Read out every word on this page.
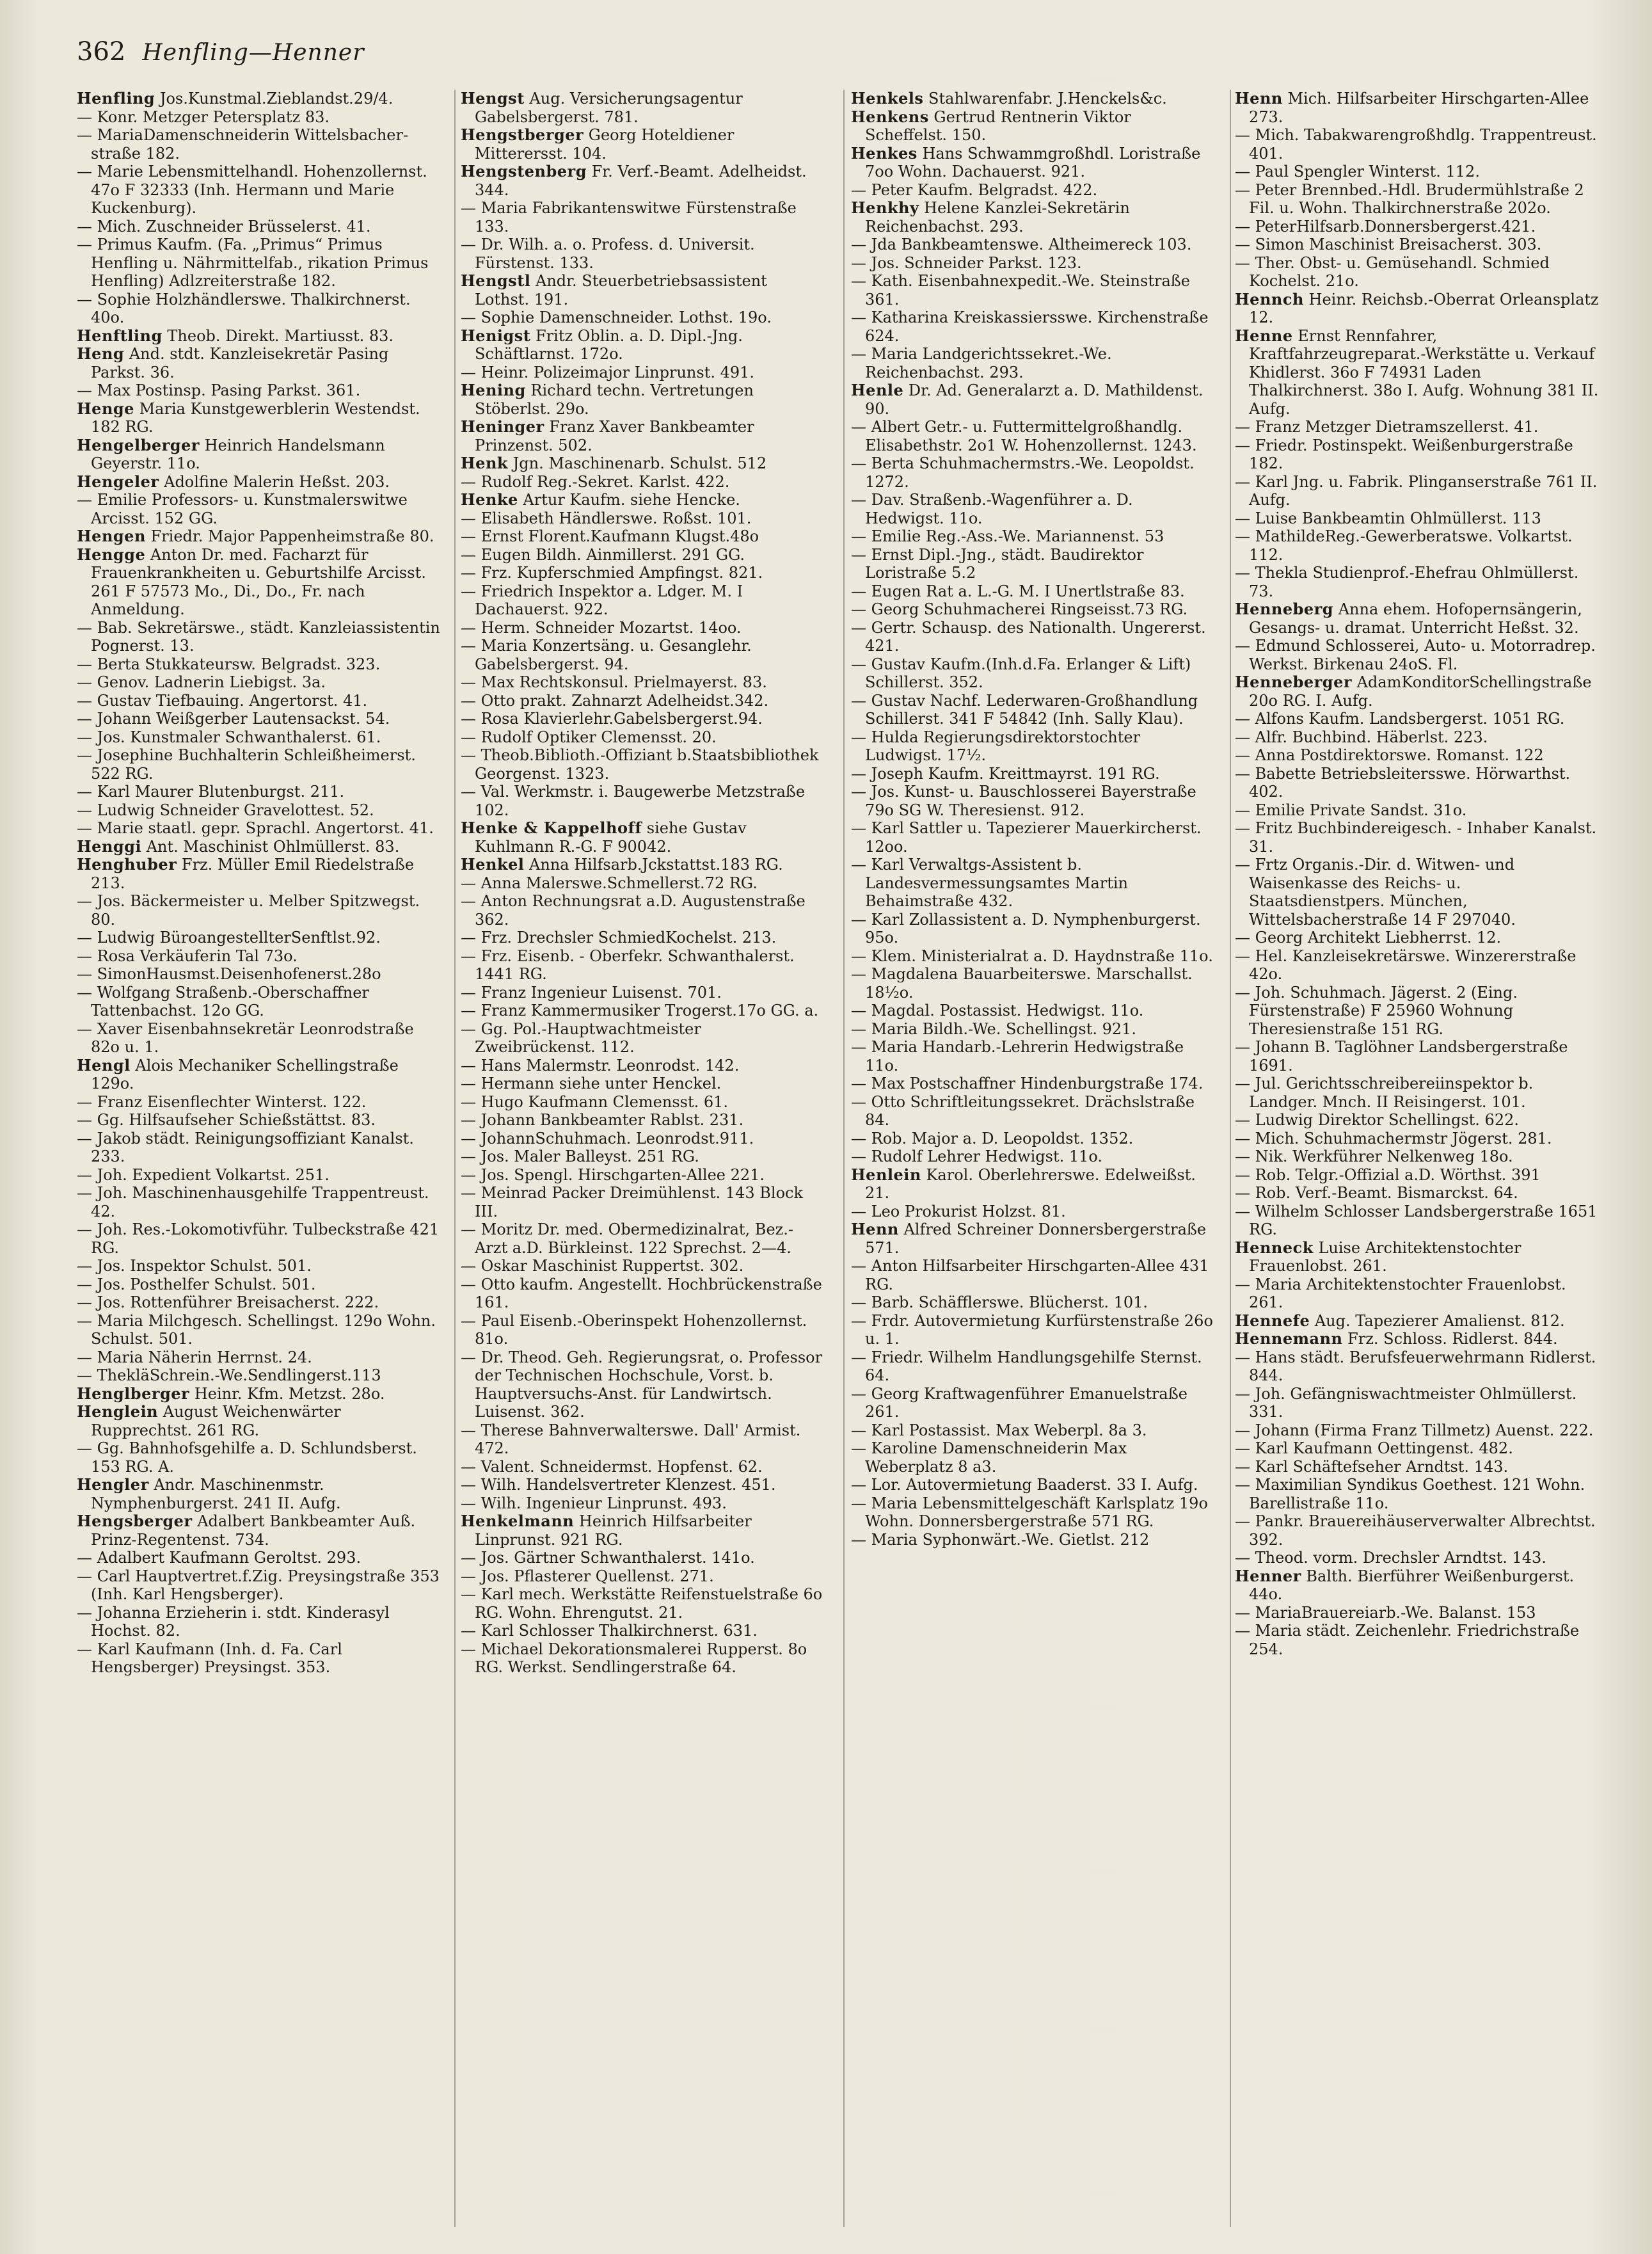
362 Henfling—Henner

Henfling Jos.Kunstmal.Zieblandst.29/4.

— Konr. Metzger Petersplatz 83.

— MariaDamenschneiderin Wittelsbacher-straße 182.

— Marie Lebensmittelhandl. Hohenzollernst. 47o F 32333 (Inh. Hermann und Marie Kuckenburg).

— Mich. Zuschneider Brüsselerst. 41.

— Primus Kaufm. (Fa. „Primus“ Primus Henfling u. Nährmittelfab., rikation Primus Henfling) Adlzreiterstraße 182.

— Sophie Holzhändlerswe. Thalkirchnerst. 40o.

Henftling Theob. Direkt. Martiusst. 83.

Heng And. stdt. Kanzleisekretär Pasing Parkst. 36.

— Max Postinsp. Pasing Parkst. 361.

Henge Maria Kunstgewerblerin Westendst. 182 RG.

Hengelberger Heinrich Handelsmann Geyerstr. 11o.

Hengeler Adolfine Malerin Heßst. 203.

— Emilie Professors- u. Kunstmalerswitwe Arcisst. 152 GG.

Hengen Friedr. Major Pappenheimstraße 80.

Hengge Anton Dr. med. Facharzt für Frauenkrankheiten u. Geburtshilfe Arcisst. 261 F 57573 Mo., Di., Do., Fr. nach Anmeldung.

— Bab. Sekretärswe., städt. Kanzleiassistentin Pognerst. 13.

— Berta Stukkateursw. Belgradst. 323.

— Genov. Ladnerin Liebigst. 3a.

— Gustav Tiefbauing. Angertorst. 41.

— Johann Weißgerber Lautensackst. 54.

— Jos. Kunstmaler Schwanthalerst. 61.

— Josephine Buchhalterin Schleißheimerst. 522 RG.

— Karl Maurer Blutenburgst. 211.

— Ludwig Schneider Gravelottest. 52.

— Marie staatl. gepr. Sprachl. Angertorst. 41.

Henggi Ant. Maschinist Ohlmüllerst. 83.

Henghuber Frz. Müller Emil Riedelstraße 213.

— Jos. Bäckermeister u. Melber Spitzwegst. 80.

— Ludwig BüroangestellterSenftlst.92.

— Rosa Verkäuferin Tal 73o.

— SimonHausmst.Deisenhofenerst.28o

— Wolfgang Straßenb.-Oberschaffner Tattenbachst. 12o GG.

— Xaver Eisenbahnsekretär Leonrodstraße 82o u. 1.

Hengl Alois Mechaniker Schellingstraße 129o.

— Franz Eisenflechter Winterst. 122.

— Gg. Hilfsaufseher Schießstättst. 83.

— Jakob städt. Reinigungsoffiziant Kanalst. 233.

— Joh. Expedient Volkartst. 251.

— Joh. Maschinenhausgehilfe Trappentreust. 42.

— Joh. Res.-Lokomotivführ. Tulbeckstraße 421 RG.

— Jos. Inspektor Schulst. 501.

— Jos. Posthelfer Schulst. 501.

— Jos. Rottenführer Breisacherst. 222.

— Maria Milchgesch. Schellingst. 129o Wohn. Schulst. 501.

— Maria Näherin Herrnst. 24.

— ThekläSchrein.-We.Sendlingerst.113

Henglberger Heinr. Kfm. Metzst. 28o.

Henglein August Weichenwärter Rupprechtst. 261 RG.

— Gg. Bahnhofsgehilfe a. D. Schlundsberst. 153 RG. A.

Hengler Andr. Maschinenmstr. Nymphenburgerst. 241 II. Aufg.

Hengsberger Adalbert Bankbeamter Auß. Prinz-Regentenst. 734.

— Adalbert Kaufmann Geroltst. 293.

— Carl Hauptvertret.f.Zig. Preysingstraße 353 (Inh. Karl Hengsberger).

— Johanna Erzieherin i. stdt. Kinderasyl Hochst. 82.

— Karl Kaufmann (Inh. d. Fa. Carl Hengsberger) Preysingst. 353.

Hengst Aug. Versicherungsagentur Gabelsbergerst. 781.

Hengstberger Georg Hoteldiener Mitterersst. 104.

Hengstenberg Fr. Verf.-Beamt. Adelheidst. 344.

— Maria Fabrikantenswitwe Fürstenstraße 133.

— Dr. Wilh. a. o. Profess. d. Universit. Fürstenst. 133.

Hengstl Andr. Steuerbetriebsassistent Lothst. 191.

— Sophie Damenschneider. Lothst. 19o.

Henigst Fritz Oblin. a. D. Dipl.-Jng. Schäftlarnst. 172o.

— Heinr. Polizeimajor Linprunst. 491.

Hening Richard techn. Vertretungen Stöberlst. 29o.

Heninger Franz Xaver Bankbeamter Prinzenst. 502.

Henk Jgn. Maschinenarb. Schulst. 512

— Rudolf Reg.-Sekret. Karlst. 422.

Henke Artur Kaufm. siehe Hencke.

— Elisabeth Händlerswe. Roßst. 101.

— Ernst Florent.Kaufmann Klugst.48o

— Eugen Bildh. Ainmillerst. 291 GG.

— Frz. Kupferschmied Ampfingst. 821.

— Friedrich Inspektor a. Ldger. M. I Dachauerst. 922.

— Herm. Schneider Mozartst. 14oo.

— Maria Konzertsäng. u. Gesanglehr. Gabelsbergerst. 94.

— Max Rechtskonsul. Prielmayerst. 83.

— Otto prakt. Zahnarzt Adelheidst.342.

— Rosa Klavierlehr.Gabelsbergerst.94.

— Rudolf Optiker Clemensst. 20.

— Theob.Biblioth.-Offiziant b.Staatsbibliothek Georgenst. 1323.

— Val. Werkmstr. i. Baugewerbe Metzstraße 102.

Henke & Kappelhoff siehe Gustav Kuhlmann R.-G. F 90042.

Henkel Anna Hilfsarb.Jckstattst.183 RG.

— Anna Malerswe.Schmellerst.72 RG.

— Anton Rechnungsrat a.D. Augustenstraße 362.

— Frz. Drechsler SchmiedKochelst. 213.

— Frz. Eisenb. - Oberfekr. Schwanthalerst. 1441 RG.

— Franz Ingenieur Luisenst. 701.

— Franz Kammermusiker Trogerst.17o GG. a.

— Gg. Pol.-Hauptwachtmeister Zweibrückenst. 112.

— Hans Malermstr. Leonrodst. 142.

— Hermann siehe unter Henckel.

— Hugo Kaufmann Clemensst. 61.

— Johann Bankbeamter Rablst. 231.

— JohannSchuhmach. Leonrodst.911.

— Jos. Maler Balleyst. 251 RG.

— Jos. Spengl. Hirschgarten-Allee 221.

— Meinrad Packer Dreimühlenst. 143 Block III.

— Moritz Dr. med. Obermedizinalrat, Bez.-Arzt a.D. Bürkleinst. 122 Sprechst. 2—4.

— Oskar Maschinist Ruppertst. 302.

— Otto kaufm. Angestellt. Hochbrückenstraße 161.

— Paul Eisenb.-Oberinspekt Hohenzollernst. 81o.

— Dr. Theod. Geh. Regierungsrat, o. Professor der Technischen Hochschule, Vorst. b. Hauptversuchs-Anst. für Landwirtsch. Luisenst. 362.

— Therese Bahnverwalterswe. Dall' Armist. 472.

— Valent. Schneidermst. Hopfenst. 62.

— Wilh. Handelsvertreter Klenzest. 451.

— Wilh. Ingenieur Linprunst. 493.

Henkelmann Heinrich Hilfsarbeiter Linprunst. 921 RG.

— Jos. Gärtner Schwanthalerst. 141o.

— Jos. Pflasterer Quellenst. 271.

— Karl mech. Werkstätte Reifenstuelstraße 6o RG. Wohn. Ehrengutst. 21.

— Karl Schlosser Thalkirchnerst. 631.

— Michael Dekorationsmalerei Rupperst. 8o RG. Werkst. Sendlingerstraße 64.

Henkels Stahlwarenfabr. J.Henckels&c.

Henkens Gertrud Rentnerin Viktor Scheffelst. 150.

Henkes Hans Schwammgroßhdl. Loristraße 7oo Wohn. Dachauerst. 921.

— Peter Kaufm. Belgradst. 422.

Henkhy Helene Kanzlei-Sekretärin Reichenbachst. 293.

— Jda Bankbeamtenswe. Altheimereck 103.

— Jos. Schneider Parkst. 123.

— Kath. Eisenbahnexpedit.-We. Steinstraße 361.

— Katharina Kreiskassiersswe. Kirchenstraße 624.

— Maria Landgerichtssekret.-We. Reichenbachst. 293.

Henle Dr. Ad. Generalarzt a. D. Mathildenst. 90.

— Albert Getr.- u. Futtermittelgroßhandlg. Elisabethstr. 2o1 W. Hohenzollernst. 1243.

— Berta Schuhmachermstrs.-We. Leopoldst. 1272.

— Dav. Straßenb.-Wagenführer a. D. Hedwigst. 11o.

— Emilie Reg.-Ass.-We. Mariannenst. 53

— Ernst Dipl.-Jng., städt. Baudirektor Loristraße 5.2

— Eugen Rat a. L.-G. M. I Unertlstraße 83.

— Georg Schuhmacherei Ringseisst.73 RG.

— Gertr. Schausp. des Nationalth. Ungererst. 421.

— Gustav Kaufm.(Inh.d.Fa. Erlanger & Lift) Schillerst. 352.

— Gustav Nachf. Lederwaren-Großhandlung Schillerst. 341 F 54842 (Inh. Sally Klau).

— Hulda Regierungsdirektorstochter Ludwigst. 17½.

— Joseph Kaufm. Kreittmayrst. 191 RG.

— Jos. Kunst- u. Bauschlosserei Bayerstraße 79o SG W. Theresienst. 912.

— Karl Sattler u. Tapezierer Mauerkircherst. 12oo.

— Karl Verwaltgs-Assistent b. Landesvermessungsamtes Martin Behaimstraße 432.

— Karl Zollassistent a. D. Nymphenburgerst. 95o.

— Klem. Ministerialrat a. D. Haydnstraße 11o.

— Magdalena Bauarbeiterswe. Marschallst. 18½o.

— Magdal. Postassist. Hedwigst. 11o.

— Maria Bildh.-We. Schellingst. 921.

— Maria Handarb.-Lehrerin Hedwigstraße 11o.

— Max Postschaffner Hindenburgstraße 174.

— Otto Schriftleitungssekret. Drächslstraße 84.

— Rob. Major a. D. Leopoldst. 1352.

— Rudolf Lehrer Hedwigst. 11o.

Henlein Karol. Oberlehrerswe. Edelweißst. 21.

— Leo Prokurist Holzst. 81.

Henn Alfred Schreiner Donnersbergerstraße 571.

— Anton Hilfsarbeiter Hirschgarten-Allee 431 RG.

— Barb. Schäfflerswe. Blücherst. 101.

— Frdr. Autovermietung Kurfürstenstraße 26o u. 1.

— Friedr. Wilhelm Handlungsgehilfe Sternst. 64.

— Georg Kraftwagenführer Emanuelstraße 261.

— Karl Postassist. Max Weberpl. 8a 3.

— Karoline Damenschneiderin Max Weberplatz 8 a3.

— Lor. Autovermietung Baaderst. 33 I. Aufg.

— Maria Lebensmittelgeschäft Karlsplatz 19o Wohn. Donnersbergerstraße 571 RG.

— Maria Syphonwärt.-We. Gietlst. 212

Henn Mich. Hilfsarbeiter Hirschgarten-Allee 273.

— Mich. Tabakwarengroßhdlg. Trappentreust. 401.

— Paul Spengler Winterst. 112.

— Peter Brennbed.-Hdl. Brudermühlstraße 2 Fil. u. Wohn. Thalkirchnerstraße 202o.

— PeterHilfsarb.Donnersbergerst.421.

— Simon Maschinist Breisacherst. 303.

— Ther. Obst- u. Gemüsehandl. Schmied Kochelst. 21o.

Hennch Heinr. Reichsb.-Oberrat Orleansplatz 12.

Henne Ernst Rennfahrer, Kraftfahrzeugreparat.-Werkstätte u. Verkauf Khidlerst. 36o F 74931 Laden Thalkirchnerst. 38o I. Aufg. Wohnung 381 II. Aufg.

— Franz Metzger Dietramszellerst. 41.

— Friedr. Postinspekt. Weißenburgerstraße 182.

— Karl Jng. u. Fabrik. Plinganserstraße 761 II. Aufg.

— Luise Bankbeamtin Ohlmüllerst. 113

— MathildeReg.-Gewerberatswe. Volkartst. 112.

— Thekla Studienprof.-Ehefrau Ohlmüllerst. 73.

Henneberg Anna ehem. Hofopernsängerin, Gesangs- u. dramat. Unterricht Heßst. 32.

— Edmund Schlosserei, Auto- u. Motorradrep. Werkst. Birkenau 24oS. Fl.

Henneberger AdamKonditorSchellingstraße 20o RG. I. Aufg.

— Alfons Kaufm. Landsbergerst. 1051 RG.

— Alfr. Buchbind. Häberlst. 223.

— Anna Postdirektorswe. Romanst. 122

— Babette Betriebsleitersswe. Hörwarthst. 402.

— Emilie Private Sandst. 31o.

— Fritz Buchbindereigesch. - Inhaber Kanalst. 31.

— Frtz Organis.-Dir. d. Witwen- und Waisenkasse des Reichs- u. Staatsdienstpers. München, Wittelsbacherstraße 14 F 297040.

— Georg Architekt Liebherrst. 12.

— Hel. Kanzleisekretärswe. Winzererstraße 42o.

— Joh. Schuhmach. Jägerst. 2 (Eing. Fürstenstraße) F 25960 Wohnung Theresienstraße 151 RG.

— Johann B. Taglöhner Landsbergerstraße 1691.

— Jul. Gerichtsschreibereiinspektor b. Landger. Mnch. II Reisingerst. 101.

— Ludwig Direktor Schellingst. 622.

— Mich. Schuhmachermstr Jögerst. 281.

— Nik. Werkführer Nelkenweg 18o.

— Rob. Telgr.-Offizial a.D. Wörthst. 391

— Rob. Verf.-Beamt. Bismarckst. 64.

— Wilhelm Schlosser Landsbergerstraße 1651 RG.

Henneck Luise Architektenstochter Frauenlobst. 261.

— Maria Architektenstochter Frauenlobst. 261.

Hennefe Aug. Tapezierer Amalienst. 812.

Hennemann Frz. Schloss. Ridlerst. 844.

— Hans städt. Berufsfeuerwehrmann Ridlerst. 844.

— Joh. Gefängniswachtmeister Ohlmüllerst. 331.

— Johann (Firma Franz Tillmetz) Auenst. 222.

— Karl Kaufmann Oettingenst. 482.

— Karl Schäftefseher Arndtst. 143.

— Maximilian Syndikus Goethest. 121 Wohn. Barellistraße 11o.

— Pankr. Brauereihäuserverwalter Albrechtst. 392.

— Theod. vorm. Drechsler Arndtst. 143.

Henner Balth. Bierführer Weißenburgerst. 44o.

— MariaBrauereiarb.-We. Balanst. 153

— Maria städt. Zeichenlehr. Friedrichstraße 254.
